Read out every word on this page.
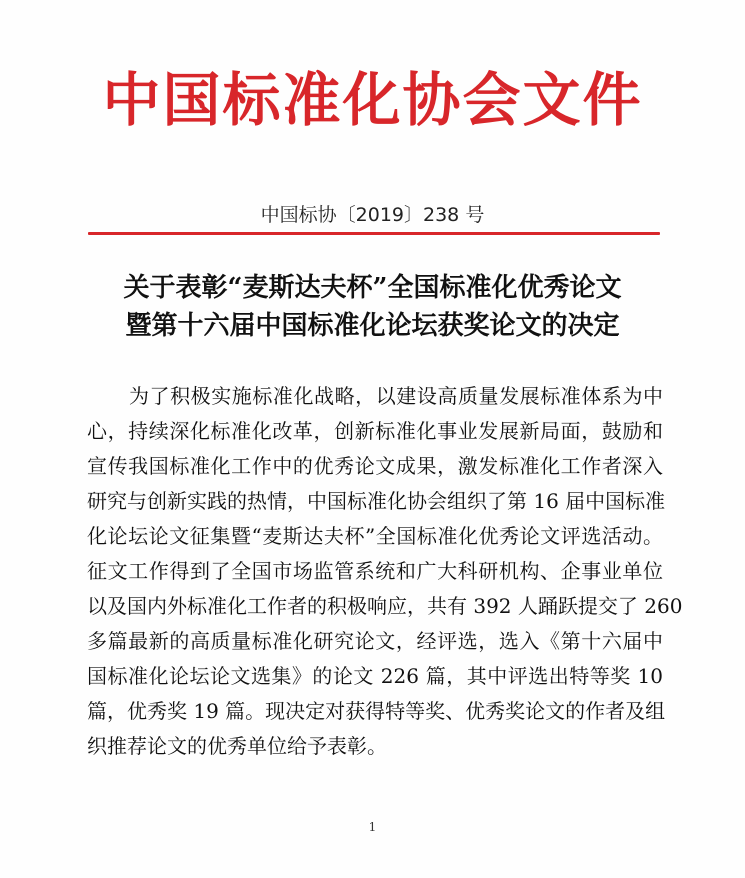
中国标准化协会文件
中国标协〔2019〕238 号
关于表彰“麦斯达夫杯”全国标准化优秀论文
暨第十六届中国标准化论坛获奖论文的决定
为了积极实施标准化战略，以建设高质量发展标准体系为中
心，持续深化标准化改革，创新标准化事业发展新局面，鼓励和
宣传我国标准化工作中的优秀论文成果，激发标准化工作者深入
研究与创新实践的热情，中国标准化协会组织了第 16 届中国标准
化论坛论文征集暨“麦斯达夫杯”全国标准化优秀论文评选活动。
征文工作得到了全国市场监管系统和广大科研机构、企事业单位
以及国内外标准化工作者的积极响应，共有 392 人踊跃提交了 260
多篇最新的高质量标准化研究论文，经评选，选入《第十六届中
国标准化论坛论文选集》的论文 226 篇，其中评选出特等奖 10
篇，优秀奖 19 篇。现决定对获得特等奖、优秀奖论文的作者及组
织推荐论文的优秀单位给予表彰。
1
